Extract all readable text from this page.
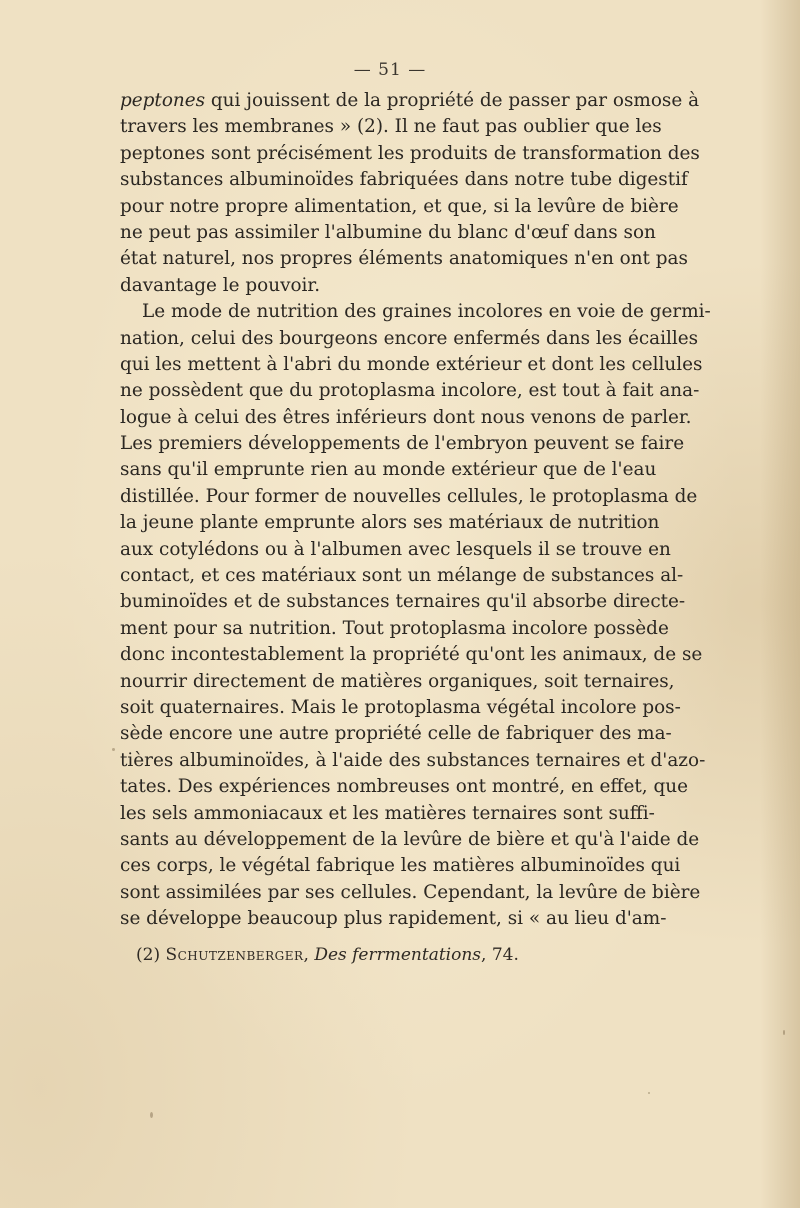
— 51 —
peptones qui jouissent de la propriété de passer par osmose à
travers les membranes » (2). Il ne faut pas oublier que les
peptones sont précisément les produits de transformation des
substances albuminoïdes fabriquées dans notre tube digestif
pour notre propre alimentation, et que, si la levûre de bière
ne peut pas assimiler l'albumine du blanc d'œuf dans son
état naturel, nos propres éléments anatomiques n'en ont pas
davantage le pouvoir.
Le mode de nutrition des graines incolores en voie de germi-
nation, celui des bourgeons encore enfermés dans les écailles
qui les mettent à l'abri du monde extérieur et dont les cellules
ne possèdent que du protoplasma incolore, est tout à fait ana-
logue à celui des êtres inférieurs dont nous venons de parler.
Les premiers développements de l'embryon peuvent se faire
sans qu'il emprunte rien au monde extérieur que de l'eau
distillée. Pour former de nouvelles cellules, le protoplasma de
la jeune plante emprunte alors ses matériaux de nutrition
aux cotylédons ou à l'albumen avec lesquels il se trouve en
contact, et ces matériaux sont un mélange de substances al-
buminoïdes et de substances ternaires qu'il absorbe directe-
ment pour sa nutrition. Tout protoplasma incolore possède
donc incontestablement la propriété qu'ont les animaux, de se
nourrir directement de matières organiques, soit ternaires,
soit quaternaires. Mais le protoplasma végétal incolore pos-
sède encore une autre propriété celle de fabriquer des ma-
tières albuminoïdes, à l'aide des substances ternaires et d'azo-
tates. Des expériences nombreuses ont montré, en effet, que
les sels ammoniacaux et les matières ternaires sont suffi-
sants au développement de la levûre de bière et qu'à l'aide de
ces corps, le végétal fabrique les matières albuminoïdes qui
sont assimilées par ses cellules. Cependant, la levûre de bière
se développe beaucoup plus rapidement, si « au lieu d'am-
(2) Schutzenberger, Des ferrmentations, 74.
